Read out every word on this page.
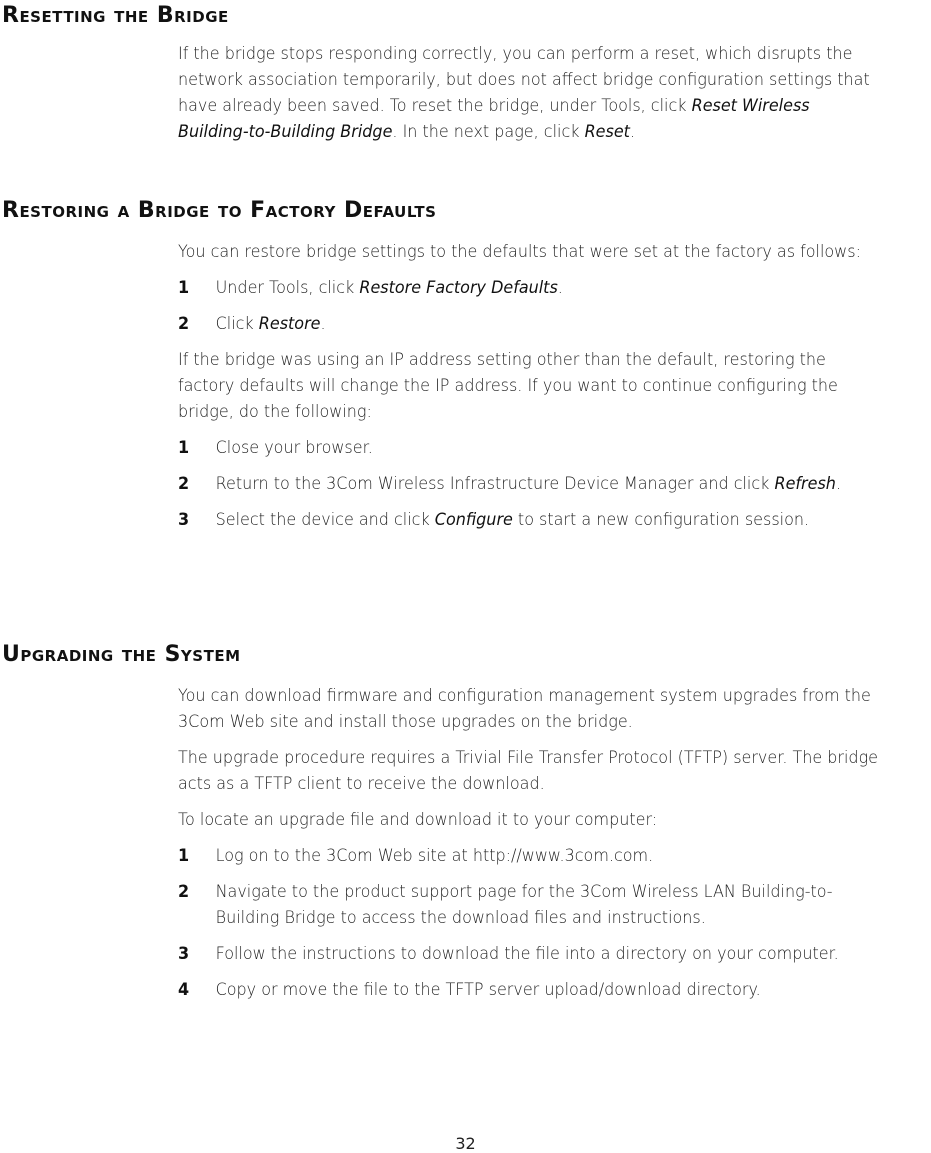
Resetting the Bridge

If the bridge stops responding correctly, you can perform a reset, which disrupts the network association temporarily, but does not affect bridge configuration settings that have already been saved. To reset the bridge, under Tools, click Reset Wireless Building-to-Building Bridge. In the next page, click Reset.

Restoring a Bridge to Factory Defaults

You can restore bridge settings to the defaults that were set at the factory as follows:

1	Under Tools, click Restore Factory Defaults.
2	Click Restore.

If the bridge was using an IP address setting other than the default, restoring the factory defaults will change the IP address. If you want to continue configuring the bridge, do the following:

1	Close your browser.
2	Return to the 3Com Wireless Infrastructure Device Manager and click Refresh.
3	Select the device and click Configure to start a new configuration session.
Upgrading the System

You can download firmware and configuration management system upgrades from the 3Com Web site and install those upgrades on the bridge.

The upgrade procedure requires a Trivial File Transfer Protocol (TFTP) server. The bridge acts as a TFTP client to receive the download.

To locate an upgrade file and download it to your computer:

1	Log on to the 3Com Web site at http://www.3com.com.
2	Navigate to the product support page for the 3Com Wireless LAN Building-to-Building Bridge to access the download files and instructions.
3	Follow the instructions to download the file into a directory on your computer.
4	Copy or move the file to the TFTP server upload/download directory.
32
